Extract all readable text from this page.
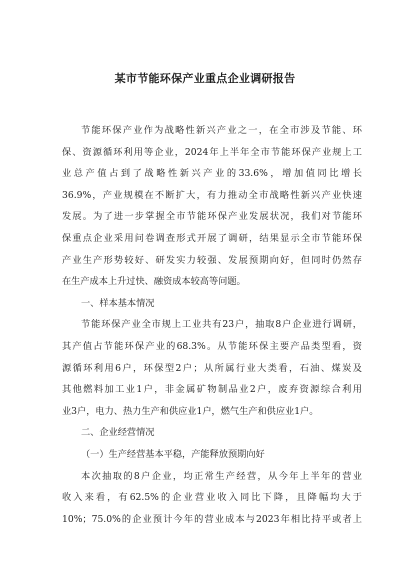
某市节能环保产业重点企业调研报告
节能环保产业作为战略性新兴产业之一，在全市涉及节能、环
保、资源循环利用等企业，2024年上半年全市节能环保产业规上工
业总产值占到了战略性新兴产业的33.6%，增加值同比增长
36.9%，产业规模在不断扩大，有力推动全市战略性新兴产业快速
发展。为了进一步掌握全市节能环保产业发展状况，我们对节能环
保重点企业采用问卷调查形式开展了调研，结果显示全市节能环保
产业生产形势较好、研发实力较强、发展预期向好，但同时仍然存
在生产成本上升过快、融资成本较高等问题。
一、样本基本情况
节能环保产业全市规上工业共有23户，抽取8户企业进行调研，
其产值占节能环保产业的68.3%。从节能环保主要产品类型看，资
源循环利用6户，环保型2户；从所属行业大类看，石油、煤炭及
其他燃料加工业1户，非金属矿物制品业2户，废弃资源综合利用
业3户，电力、热力生产和供应业1户，燃气生产和供应业1户。
二、企业经营情况
（一）生产经营基本平稳，产能释放预期向好
本次抽取的8户企业，均正常生产经营，从今年上半年的营业
收入来看，有62.5%的企业营业收入同比下降，且降幅均大于
10%；75.0%的企业预计今年的营业成本与2023年相比持平或者上
